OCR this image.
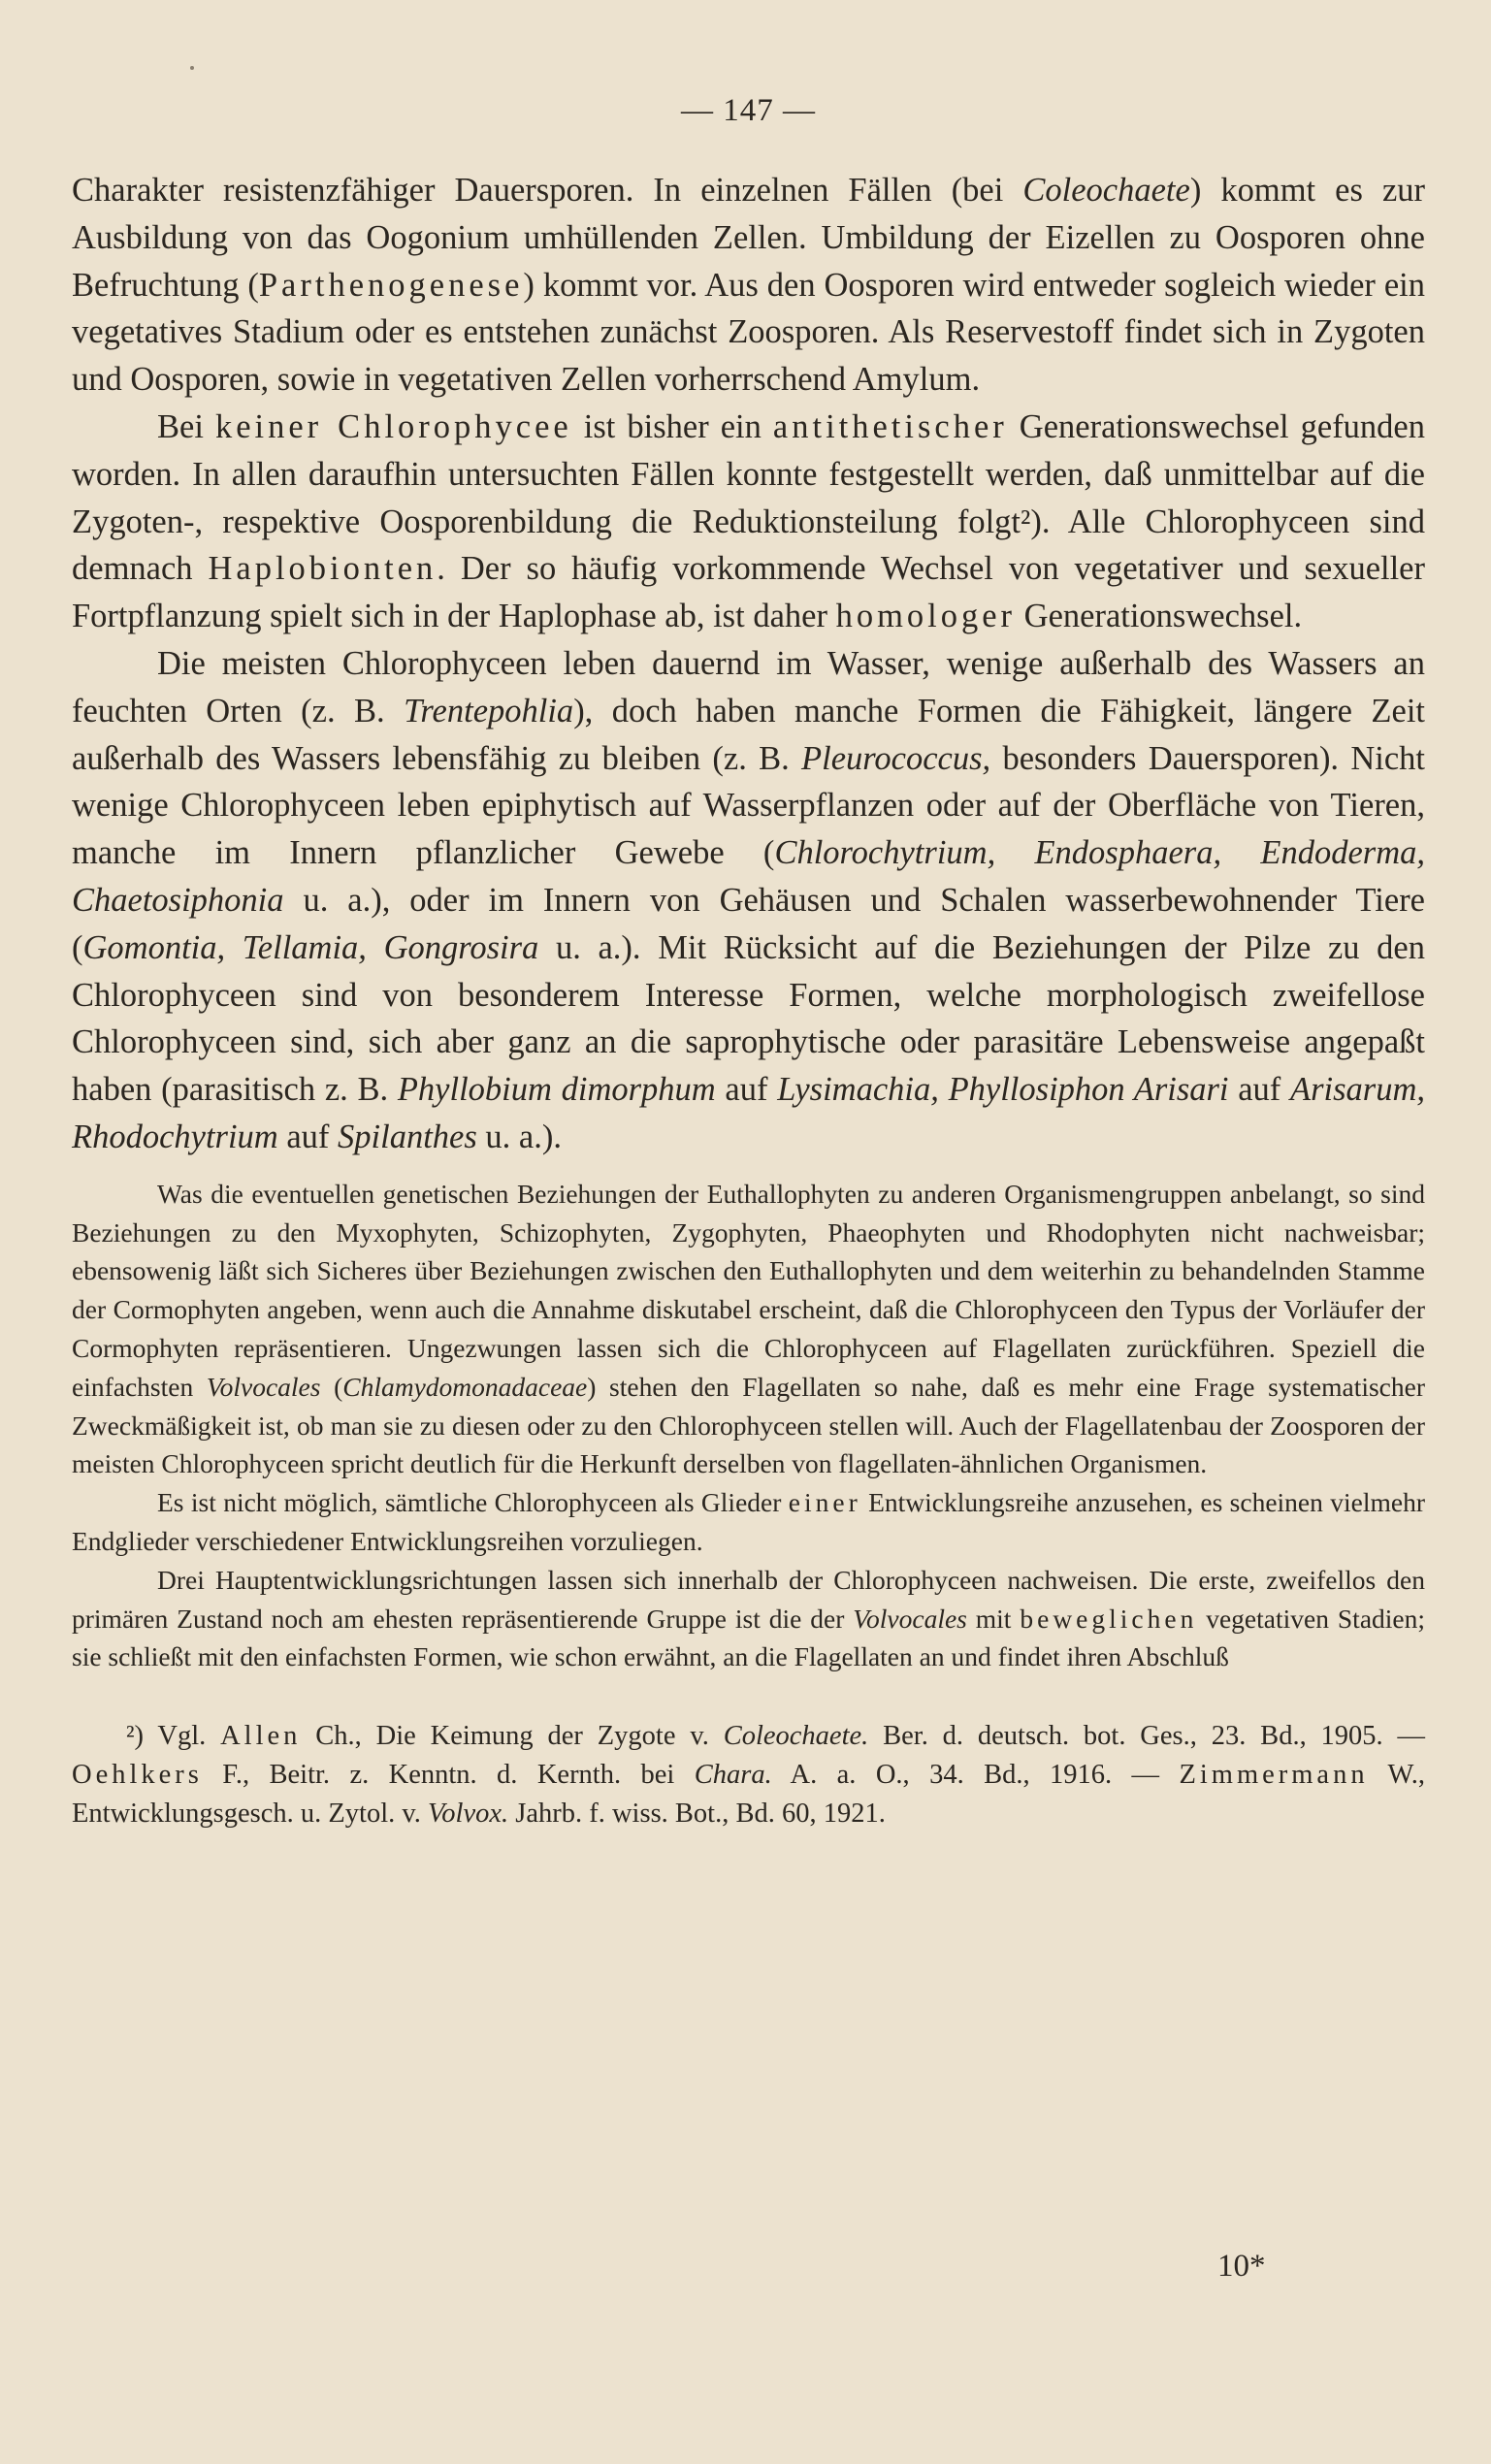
— 147 —

Charakter resistenzfähiger Dauersporen. In einzelnen Fällen (bei Coleochaete) kommt es zur Ausbildung von das Oogonium umhüllenden Zellen. Umbildung der Eizellen zu Oosporen ohne Befruchtung (Parthenogenese) kommt vor. Aus den Oosporen wird entweder sogleich wieder ein vegetatives Stadium oder es entstehen zunächst Zoosporen. Als Reservestoff findet sich in Zygoten und Oosporen, sowie in vegetativen Zellen vorherrschend Amylum.

Bei keiner Chlorophycee ist bisher ein antithetischer Generationswechsel gefunden worden. In allen daraufhin untersuchten Fällen konnte festgestellt werden, daß unmittelbar auf die Zygoten-, respektive Oosporenbildung die Reduktionsteilung folgt²). Alle Chlorophyceen sind demnach Haplobionten. Der so häufig vorkommende Wechsel von vegetativer und sexueller Fortpflanzung spielt sich in der Haplophase ab, ist daher homologer Generationswechsel.

Die meisten Chlorophyceen leben dauernd im Wasser, wenige außerhalb des Wassers an feuchten Orten (z. B. Trentepohlia), doch haben manche Formen die Fähigkeit, längere Zeit außerhalb des Wassers lebensfähig zu bleiben (z. B. Pleurococcus, besonders Dauersporen). Nicht wenige Chlorophyceen leben epiphytisch auf Wasserpflanzen oder auf der Oberfläche von Tieren, manche im Innern pflanzlicher Gewebe (Chlorochytrium, Endosphaera, Endoderma, Chaetosiphonia u. a.), oder im Innern von Gehäusen und Schalen wasserbewohnender Tiere (Gomontia, Tellamia, Gongrosira u. a.). Mit Rücksicht auf die Beziehungen der Pilze zu den Chlorophyceen sind von besonderem Interesse Formen, welche morphologisch zweifellose Chlorophyceen sind, sich aber ganz an die saprophytische oder parasitäre Lebensweise angepaßt haben (parasitisch z. B. Phyllobium dimorphum auf Lysimachia, Phyllosiphon Arisari auf Arisarum, Rhodochytrium auf Spilanthes u. a.).

Was die eventuellen genetischen Beziehungen der Euthallophyten zu anderen Organismengruppen anbelangt, so sind Beziehungen zu den Myxophyten, Schizophyten, Zygophyten, Phaeophyten und Rhodophyten nicht nachweisbar; ebensowenig läßt sich Sicheres über Beziehungen zwischen den Euthallophyten und dem weiterhin zu behandelnden Stamme der Cormophyten angeben, wenn auch die Annahme diskutabel erscheint, daß die Chlorophyceen den Typus der Vorläufer der Cormophyten repräsentieren. Ungezwungen lassen sich die Chlorophyceen auf Flagellaten zurückführen. Speziell die einfachsten Volvocales (Chlamydomonadaceae) stehen den Flagellaten so nahe, daß es mehr eine Frage systematischer Zweckmäßigkeit ist, ob man sie zu diesen oder zu den Chlorophyceen stellen will. Auch der Flagellatenbau der Zoosporen der meisten Chlorophyceen spricht deutlich für die Herkunft derselben von flagellaten-ähnlichen Organismen.

Es ist nicht möglich, sämtliche Chlorophyceen als Glieder einer Entwicklungsreihe anzusehen, es scheinen vielmehr Endglieder verschiedener Entwicklungsreihen vorzuliegen.

Drei Hauptentwicklungsrichtungen lassen sich innerhalb der Chlorophyceen nachweisen. Die erste, zweifellos den primären Zustand noch am ehesten repräsentierende Gruppe ist die der Volvocales mit beweglichen vegetativen Stadien; sie schließt mit den einfachsten Formen, wie schon erwähnt, an die Flagellaten an und findet ihren Abschluß

²) Vgl. Allen Ch., Die Keimung der Zygote v. Coleochaete. Ber. d. deutsch. bot. Ges., 23. Bd., 1905. — Oehlkers F., Beitr. z. Kenntn. d. Kernth. bei Chara. A. a. O., 34. Bd., 1916. — Zimmermann W., Entwicklungsgesch. u. Zytol. v. Volvox. Jahrb. f. wiss. Bot., Bd. 60, 1921.

10*
